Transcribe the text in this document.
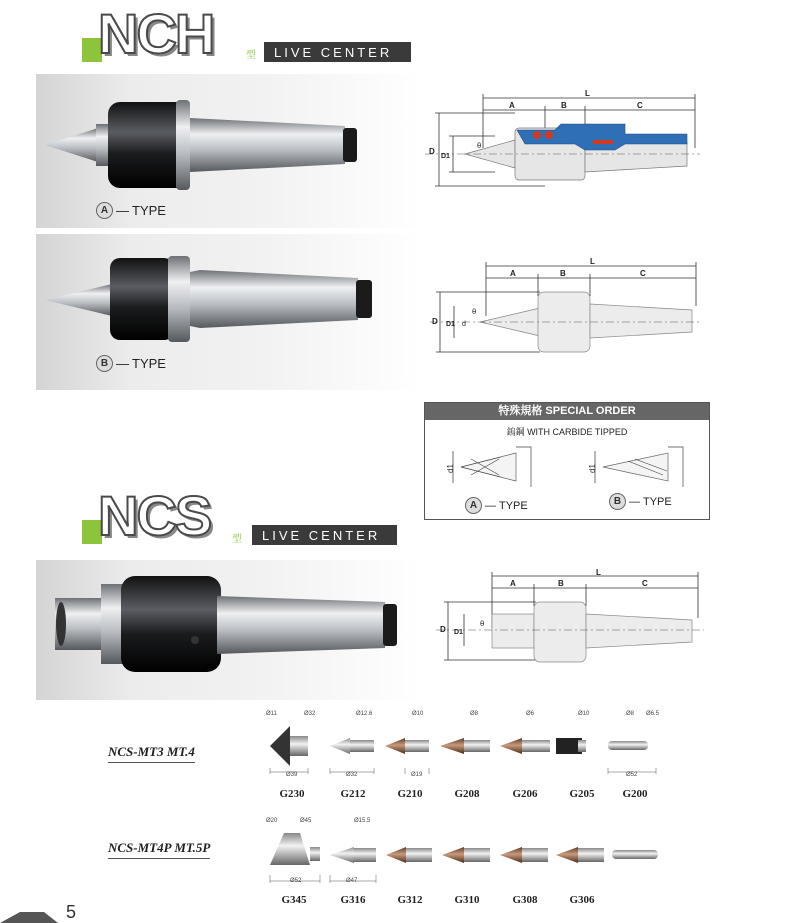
NCH	型 LIVE CENTER
A — TYPE
A	B	C
L
D
D1
θ
B — TYPE
A	B	C
L
D D1 d
θ
特殊規格 SPECIAL ORDER
鎢鋼 WITH CARBIDE TIPPED
d1	d1
A — TYPE	B — TYPE
NCS 型 LIVE CENTER
A	B	C
L
D D1
θ
NCS-MT3 MT.4
Ø11	Ø32	Ø12.6	Ø10	Ø8	Ø6	Ø10	Ø8 Ø6.5
Ø39	Ø32	Ø19	Ø52
G230	G212	G210	G208	G206	G205	G200
NCS-MT4P MT.5P
Ø20	Ø45	Ø15.5
Ø52	Ø47
G345	G316	G312	G310	G308	G306
5
